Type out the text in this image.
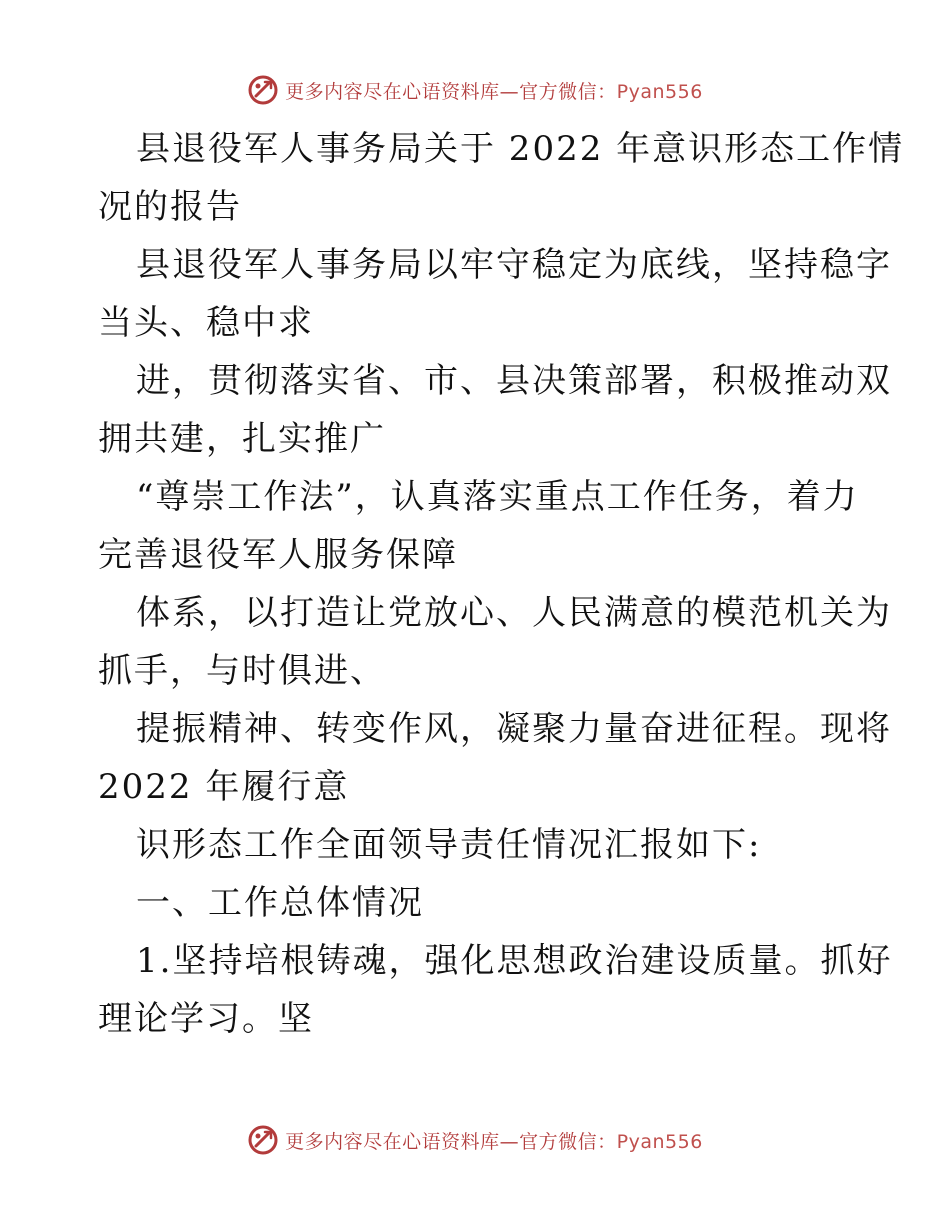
更多内容尽在心语资料库—官方微信：Pyan556
县退役军人事务局关于 2022 年意识形态工作情
况的报告
县退役军人事务局以牢守稳定为底线，坚持稳字
当头、稳中求
进，贯彻落实省、市、县决策部署，积极推动双
拥共建，扎实推广
“尊崇工作法”，认真落实重点工作任务，着力
完善退役军人服务保障
体系，以打造让党放心、人民满意的模范机关为
抓手，与时俱进、
提振精神、转变作风，凝聚力量奋进征程。现将
2022 年履行意
识形态工作全面领导责任情况汇报如下:
一、工作总体情况
1.坚持培根铸魂，强化思想政治建设质量。抓好
理论学习。坚
更多内容尽在心语资料库—官方微信：Pyan556
